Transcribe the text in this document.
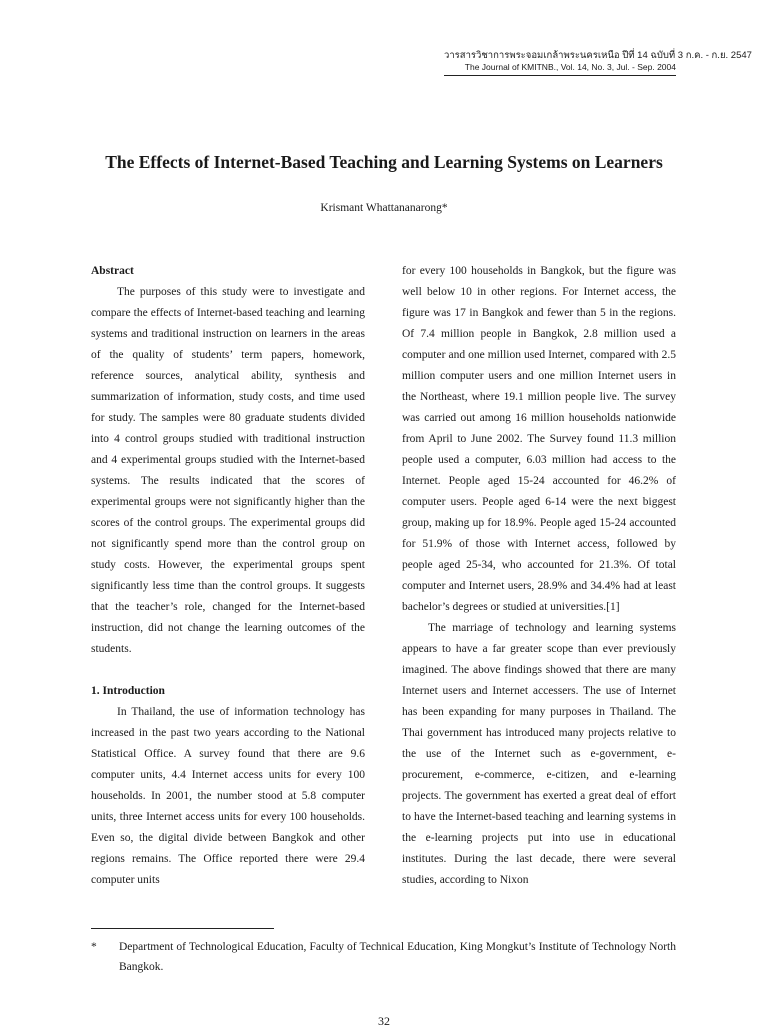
วารสารวิชาการพระจอมเกล้าพระนครเหนือ ปีที่ 14 ฉบับที่ 3 ก.ค. - ก.ย. 2547
The Journal of KMITNB., Vol. 14, No. 3, Jul. - Sep. 2004
The Effects of Internet-Based Teaching and Learning Systems on Learners
Krismant Whattananarong*

Abstract

The purposes of this study were to investigate and compare the effects of Internet-based teaching and learning systems and traditional instruction on learners in the areas of the quality of students’ term papers, homework, reference sources, analytical ability, synthesis and summarization of information, study costs, and time used for study. The samples were 80 graduate students divided into 4 control groups studied with traditional instruction and 4 experimental groups studied with the Internet-based systems. The results indicated that the scores of experimental groups were not significantly higher than the scores of the control groups. The experimental groups did not significantly spend more than the control group on study costs. However, the experimental groups spent significantly less time than the control groups. It suggests that the teacher’s role, changed for the Internet-based instruction, did not change the learning outcomes of the students.

1. Introduction

In Thailand, the use of information technology has increased in the past two years according to the National Statistical Office. A survey found that there are 9.6 computer units, 4.4 Internet access units for every 100 households. In 2001, the number stood at 5.8 computer units, three Internet access units for every 100 households. Even so, the digital divide between Bangkok and other regions remains. The Office reported there were 29.4 computer units

for every 100 households in Bangkok, but the figure was well below 10 in other regions. For Internet access, the figure was 17 in Bangkok and fewer than 5 in the regions. Of 7.4 million people in Bangkok, 2.8 million used a computer and one million used Internet, compared with 2.5 million computer users and one million Internet users in the Northeast, where 19.1 million people live. The survey was carried out among 16 million households nationwide from April to June 2002. The Survey found 11.3 million people used a computer, 6.03 million had access to the Internet. People aged 15-24 accounted for 46.2% of computer users. People aged 6-14 were the next biggest group, making up for 18.9%. People aged 15-24 accounted for 51.9% of those with Internet access, followed by people aged 25-34, who accounted for 21.3%. Of total computer and Internet users, 28.9% and 34.4% had at least bachelor’s degrees or studied at universities.[1]

The marriage of technology and learning systems appears to have a far greater scope than ever previously imagined. The above findings showed that there are many Internet users and Internet accessers. The use of Internet has been expanding for many purposes in Thailand. The Thai government has introduced many projects relative to the use of the Internet such as e-government, e-procurement, e-commerce, e-citizen, and e-learning projects. The government has exerted a great deal of effort to have the Internet-based teaching and learning systems in the e-learning projects put into use in educational institutes. During the last decade, there were several studies, according to Nixon

* Department of Technological Education, Faculty of Technical Education, King Mongkut’s Institute of Technology North Bangkok.
32
